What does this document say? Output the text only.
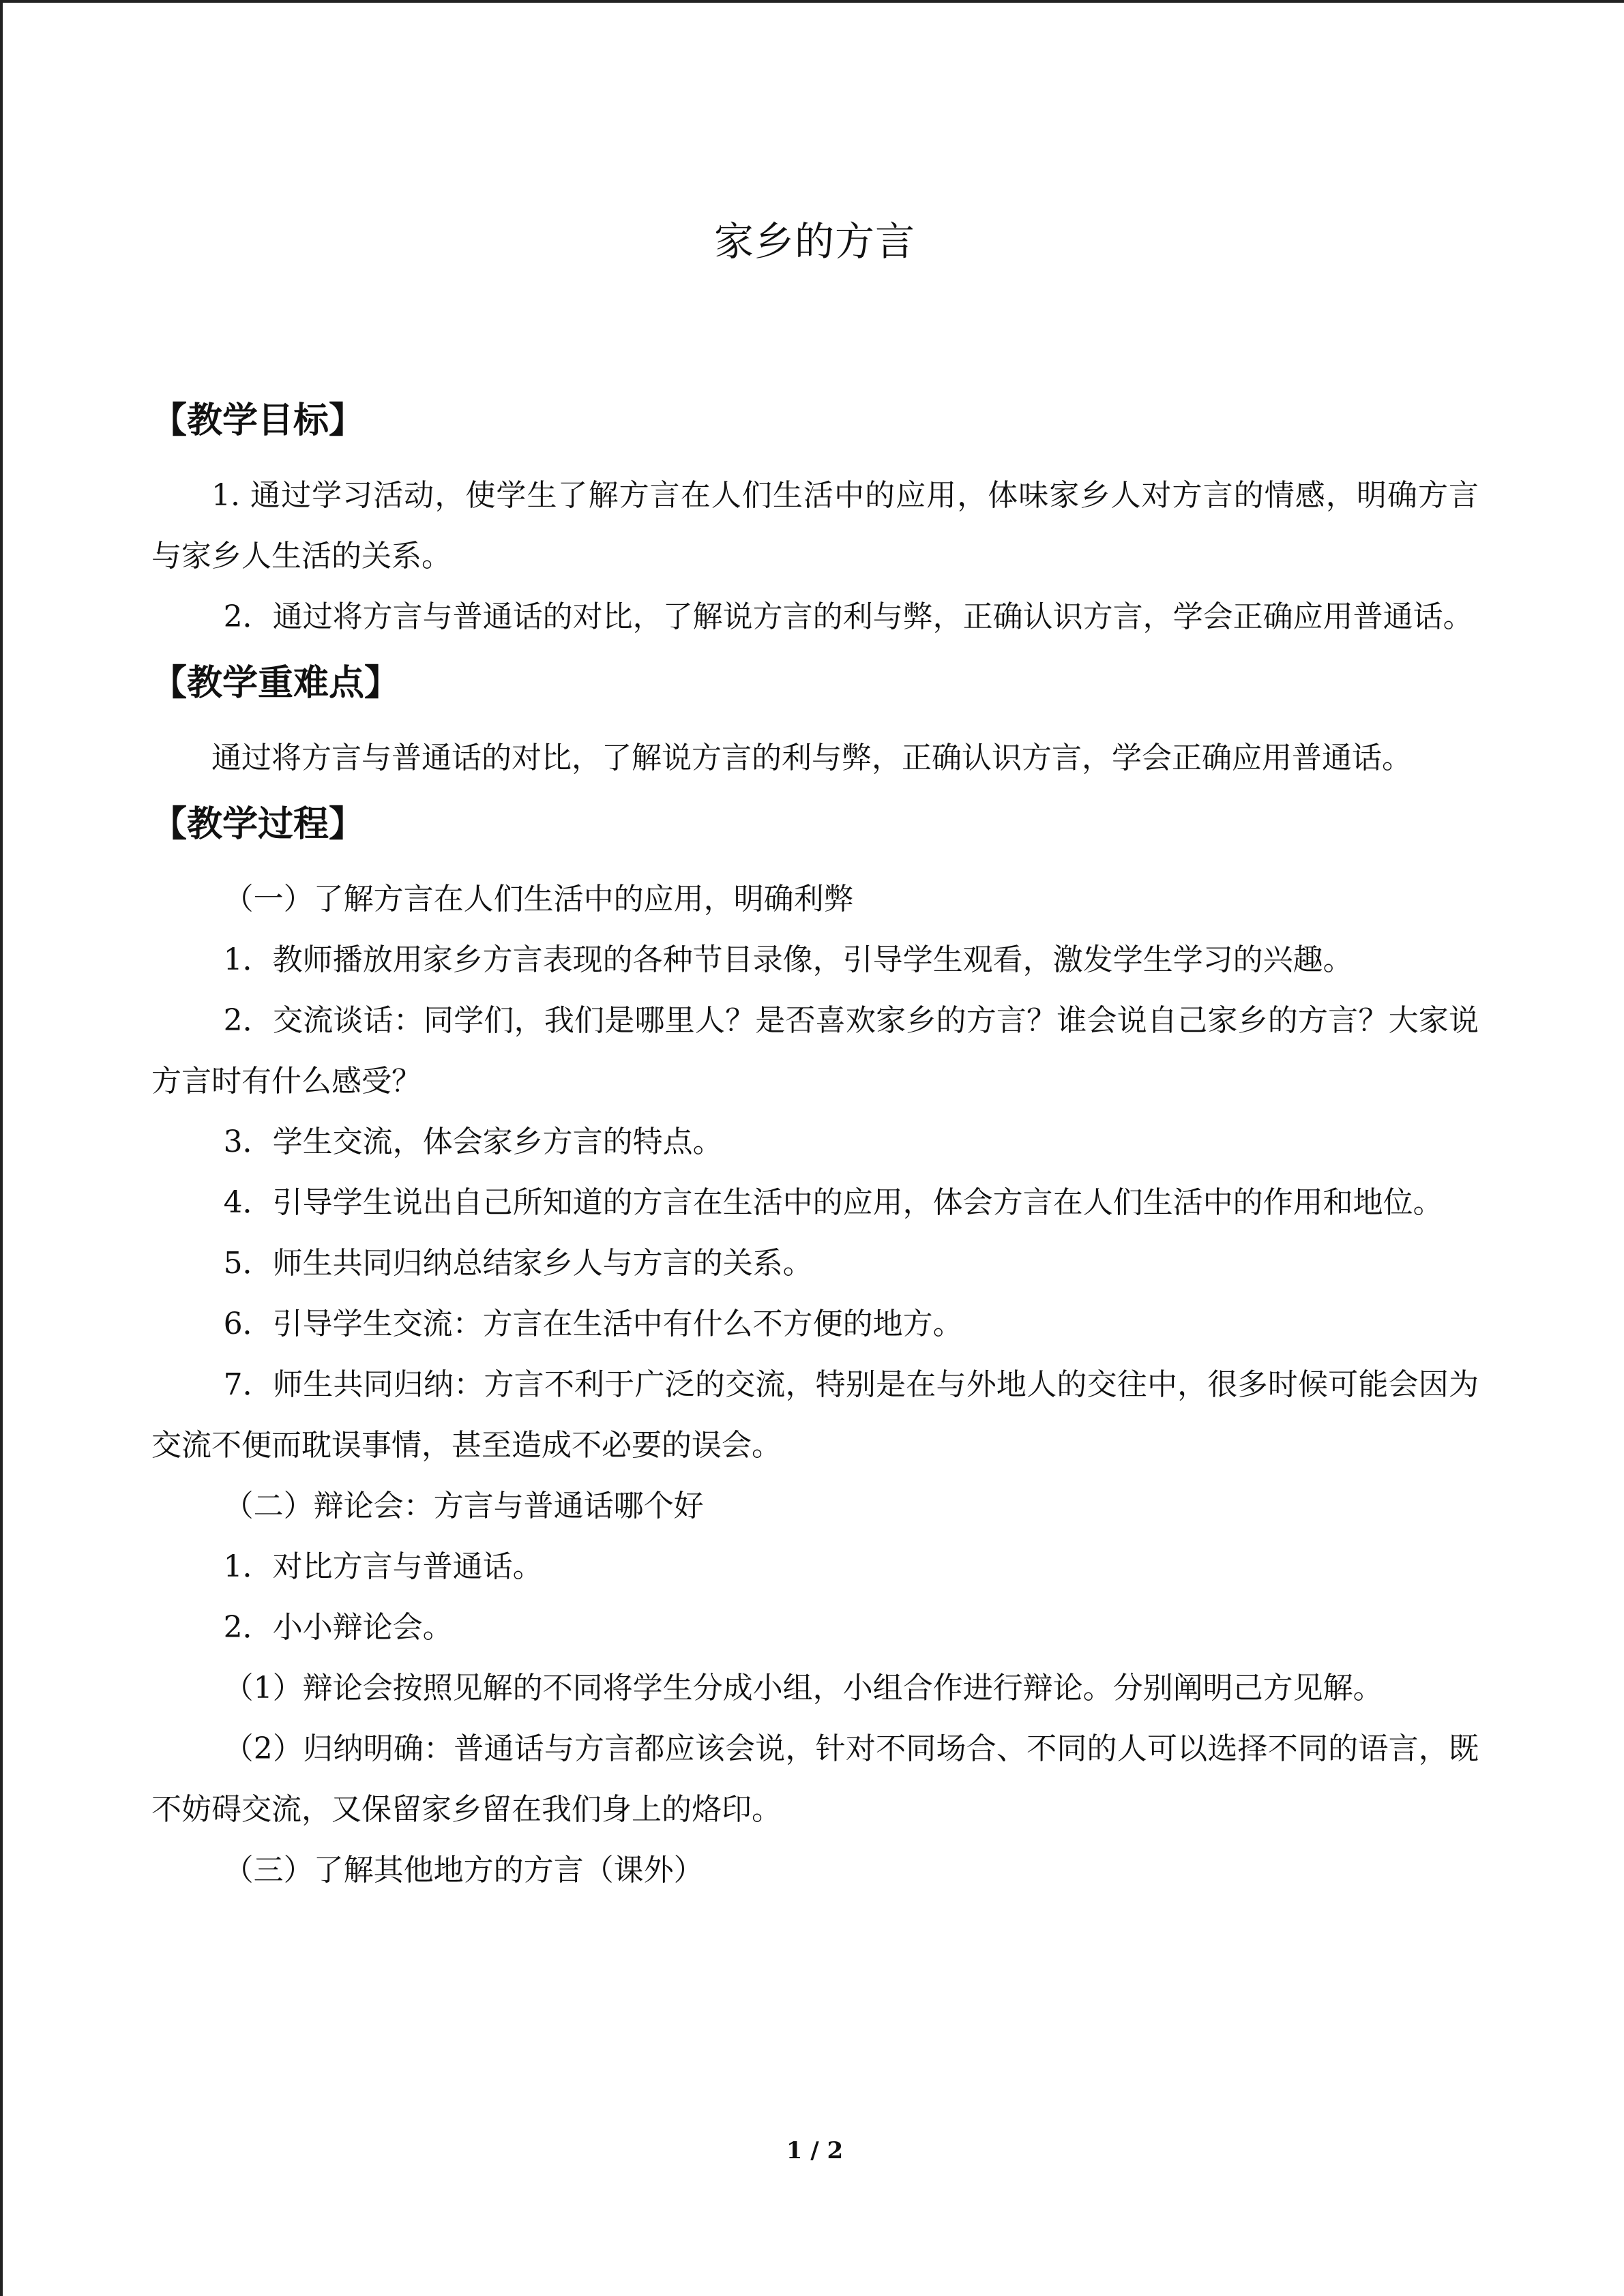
家乡的方言
【教学目标】

1. 通过学习活动，使学生了解方言在人们生活中的应用，体味家乡人对方言的情感，明确方言与家乡人生活的关系。

2．通过将方言与普通话的对比，了解说方言的利与弊，正确认识方言，学会正确应用普通话。

【教学重难点】

通过将方言与普通话的对比，了解说方言的利与弊，正确认识方言，学会正确应用普通话。

【教学过程】

（一）了解方言在人们生活中的应用，明确利弊

1．教师播放用家乡方言表现的各种节目录像，引导学生观看，激发学生学习的兴趣。

2．交流谈话：同学们，我们是哪里人？是否喜欢家乡的方言？谁会说自己家乡的方言？大家说方言时有什么感受？

3．学生交流，体会家乡方言的特点。

4．引导学生说出自己所知道的方言在生活中的应用，体会方言在人们生活中的作用和地位。

5．师生共同归纳总结家乡人与方言的关系。

6．引导学生交流：方言在生活中有什么不方便的地方。

7．师生共同归纳：方言不利于广泛的交流，特别是在与外地人的交往中，很多时候可能会因为交流不便而耽误事情，甚至造成不必要的误会。

（二）辩论会：方言与普通话哪个好

1．对比方言与普通话。

2．小小辩论会。

（1）辩论会按照见解的不同将学生分成小组，小组合作进行辩论。分别阐明己方见解。

（2）归纳明确：普通话与方言都应该会说，针对不同场合、不同的人可以选择不同的语言，既不妨碍交流，又保留家乡留在我们身上的烙印。

（三）了解其他地方的方言（课外）

1 / 2
